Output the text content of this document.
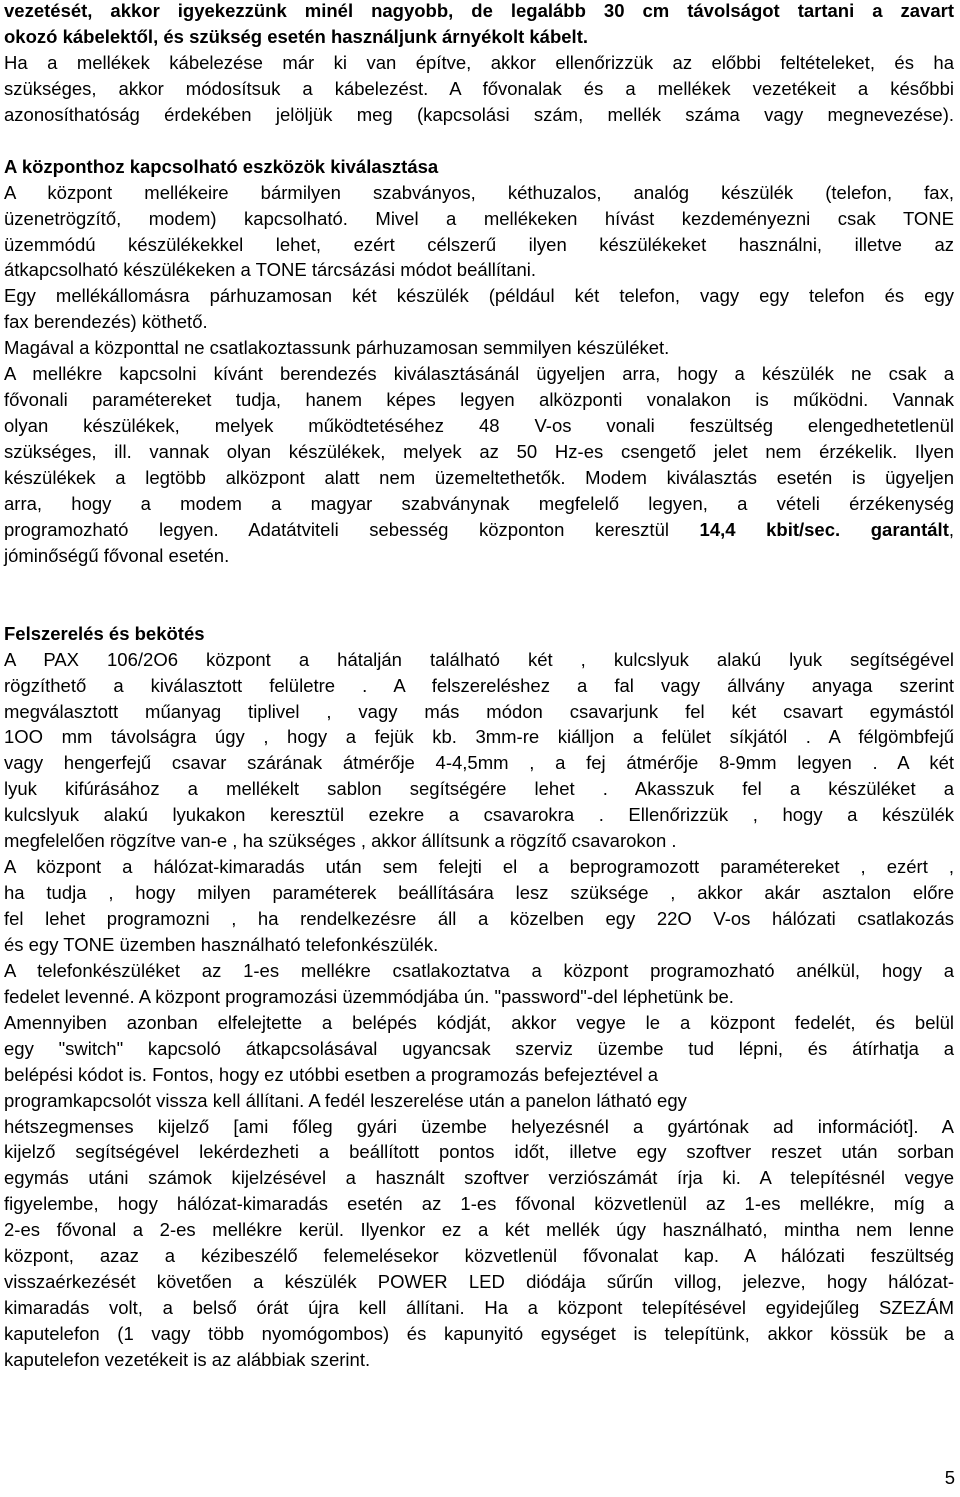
vezetését, akkor igyekezzünk minél nagyobb, de legalább 30 cm távolságot tartani a zavart
okozó kábelektől, és szükség esetén használjunk árnyékolt kábelt.
Ha a mellékek kábelezése már ki van építve, akkor ellenőrizzük az előbbi feltételeket, és ha
szükséges, akkor módosítsuk a kábelezést. A fővonalak és a mellékek vezetékeit a későbbi
azonosíthatóság érdekében jelöljük meg (kapcsolási szám, mellék száma vagy megnevezése).
A központhoz kapcsolható eszközök kiválasztása
A központ mellékeire bármilyen szabványos, kéthuzalos, analóg készülék (telefon, fax,
üzenetrögzítő, modem) kapcsolható. Mivel a mellékeken hívást kezdeményezni csak TONE
üzemmódú készülékekkel lehet, ezért célszerű ilyen készülékeket használni, illetve az
átkapcsolható készülékeken a TONE tárcsázási módot beállítani.
Egy mellékállomásra párhuzamosan két készülék (például két telefon, vagy egy telefon és egy
fax berendezés) köthető.
Magával a központtal ne csatlakoztassunk párhuzamosan semmilyen készüléket.
A mellékre kapcsolni kívánt berendezés kiválasztásánál ügyeljen arra, hogy a készülék ne csak a
fővonali paramétereket tudja, hanem képes legyen alközponti vonalakon is működni. Vannak
olyan készülékek, melyek működtetéséhez 48 V-os vonali feszültség elengedhetetlenül
szükséges, ill. vannak olyan készülékek, melyek az 50 Hz-es csengető jelet nem érzékelik. Ilyen
készülékek a legtöbb alközpont alatt nem üzemeltethetők. Modem kiválasztás esetén is ügyeljen
arra, hogy a modem a magyar szabványnak megfelelő legyen, a vételi érzékenység
programozható legyen. Adatátviteli sebesség központon keresztül 14,4 kbit/sec. garantált,
jóminőségű fővonal esetén.
Felszerelés és bekötés
A PAX 106/2O6 központ a hátalján található két , kulcslyuk alakú lyuk segítségével
rögzíthető a kiválasztott felületre . A felszereléshez a fal vagy állvány anyaga szerint
megválasztott műanyag tiplivel , vagy más módon csavarjunk fel két csavart egymástól
1OO mm távolságra úgy , hogy a fejük kb. 3mm-re kiálljon a felület síkjától . A félgömbfejű
vagy hengerfejű csavar szárának átmérője 4-4,5mm , a fej átmérője 8-9mm legyen . A két
lyuk kifúrásához a mellékelt sablon segítségére lehet . Akasszuk fel a készüléket a
kulcslyuk alakú lyukakon keresztül ezekre a csavarokra . Ellenőrizzük , hogy a készülék
megfelelően rögzítve van-e , ha szükséges , akkor állítsunk a rögzítő csavarokon .
A központ a hálózat-kimaradás után sem felejti el a beprogramozott paramétereket , ezért ,
ha tudja , hogy milyen paraméterek beállítására lesz szüksége , akkor akár asztalon előre
fel lehet programozni , ha rendelkezésre áll a közelben egy 22O V-os hálózati csatlakozás
és egy TONE üzemben használható telefonkészülék.
A telefonkészüléket az 1-es mellékre csatlakoztatva a központ programozható anélkül, hogy a
fedelet levenné. A központ programozási üzemmódjába ún. "password"-del léphetünk be.
Amennyiben azonban elfelejtette a belépés kódját, akkor vegye le a központ fedelét, és belül
egy "switch" kapcsoló átkapcsolásával ugyancsak szerviz üzembe tud lépni, és átírhatja a
belépési kódot is. Fontos, hogy ez utóbbi esetben a programozás befejeztével a
programkapcsolót vissza kell állítani. A fedél leszerelése után a panelon látható egy
hétszegmenses kijelző [ami főleg gyári üzembe helyezésnél a gyártónak ad információt]. A
kijelző segítségével lekérdezheti a beállított pontos időt, illetve egy szoftver reszet után sorban
egymás utáni számok kijelzésével a használt szoftver verziószámát írja ki. A telepítésnél vegye
figyelembe, hogy hálózat-kimaradás esetén az 1-es fővonal közvetlenül az 1-es mellékre, míg a
2-es fővonal a 2-es mellékre kerül. Ilyenkor ez a két mellék úgy használható, mintha nem lenne
központ, azaz a kézibeszélő felemelésekor közvetlenül fővonalat kap. A hálózati feszültség
visszaérkezését követően a készülék POWER LED diódája sűrűn villog, jelezve, hogy hálózat-
kimaradás volt, a belső órát újra kell állítani. Ha a központ telepítésével egyidejűleg SZEZÁM
kaputelefon (1 vagy több nyomógombos) és kapunyitó egységet is telepítünk, akkor kössük be a
kaputelefon vezetékeit is az alábbiak szerint.
5
